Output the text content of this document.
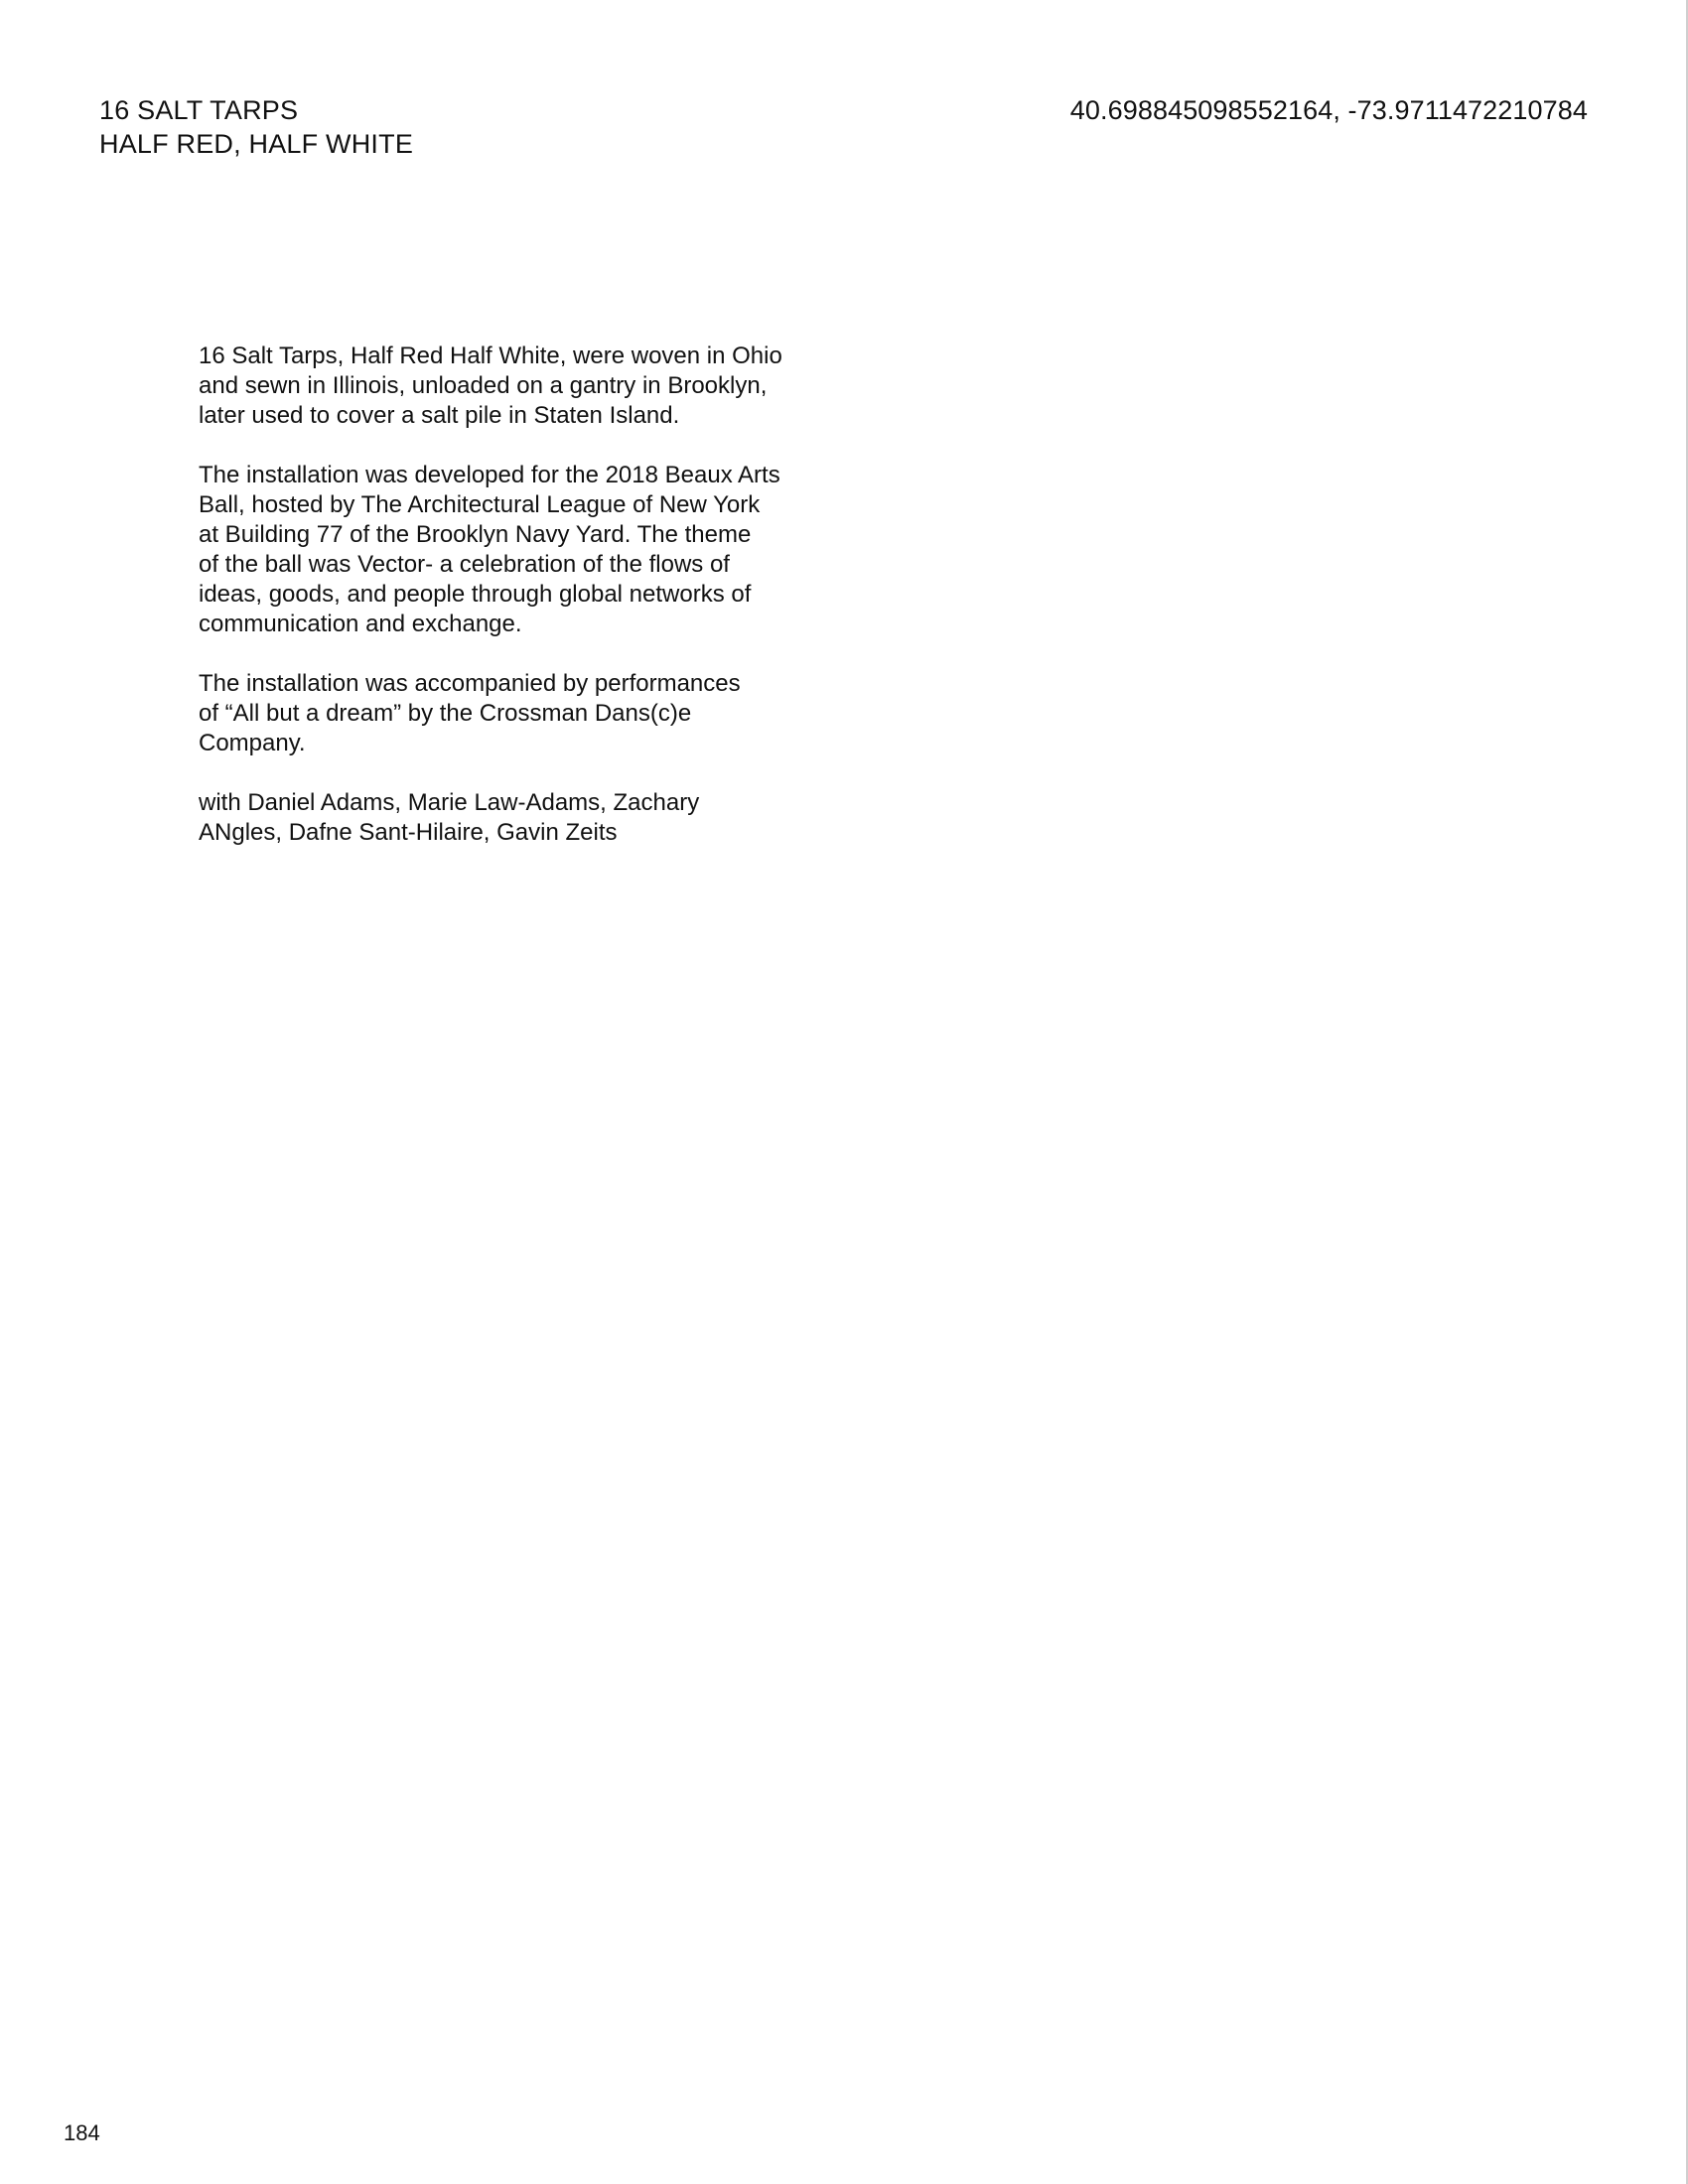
16 SALT TARPS
HALF RED, HALF WHITE
40.698845098552164, -73.9711472210784

16 Salt Tarps, Half Red Half White, were woven in Ohio
and sewn in Illinois, unloaded on a gantry in Brooklyn,
later used to cover a salt pile in Staten Island.

The installation was developed for the 2018 Beaux Arts
Ball, hosted by The Architectural League of New York
at Building 77 of the Brooklyn Navy Yard. The theme
of the ball was Vector- a celebration of the flows of
ideas, goods, and people through global networks of
communication and exchange.

The installation was accompanied by performances
of “All but a dream” by the Crossman Dans(c)e
Company.

with Daniel Adams, Marie Law-Adams, Zachary
ANgles, Dafne Sant-Hilaire, Gavin Zeits

184
